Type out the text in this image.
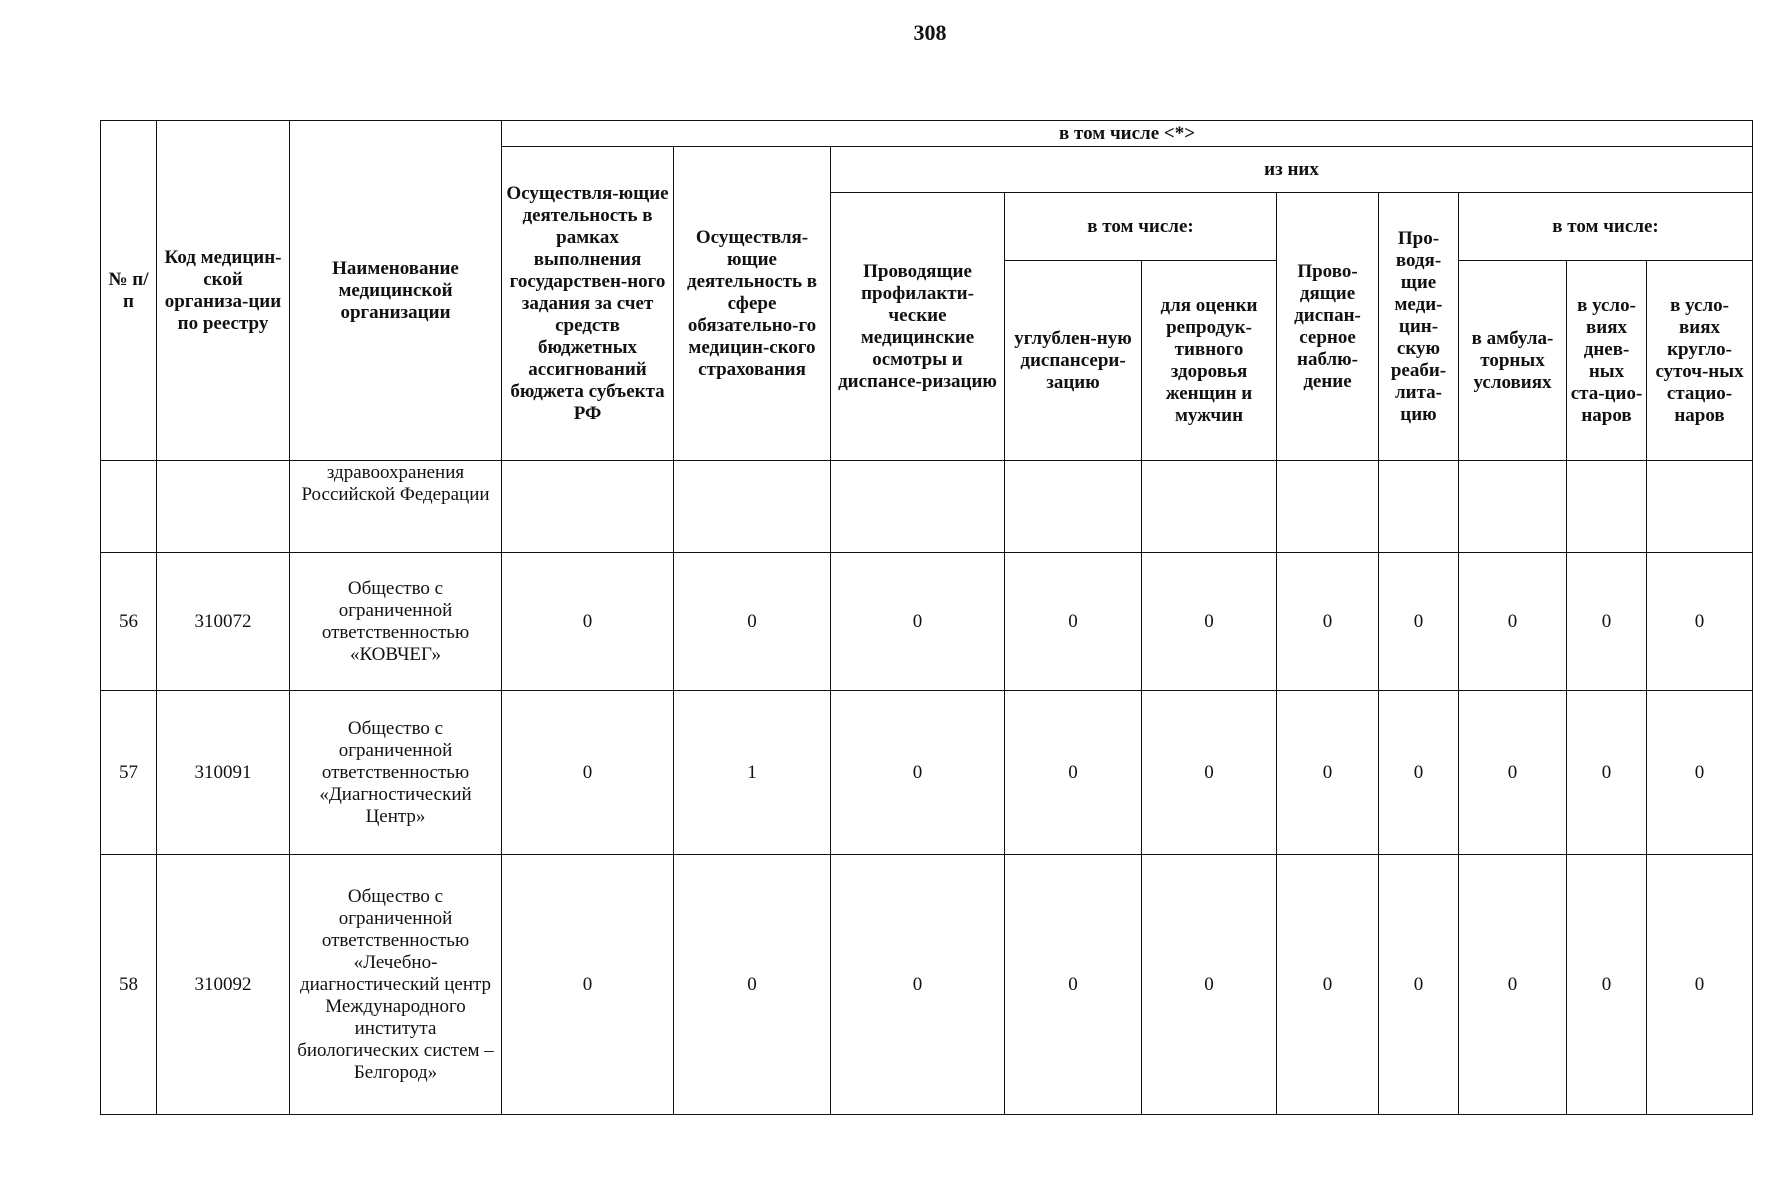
308
№ п/п	Код медицин-ской организа-ции по реестру	Наименование медицинской организации	в том числе <*>									
			Осуществля-ющие деятельность в рамках выполнения государствен-ного задания за счет средств бюджетных ассигнований бюджета субъекта РФ	Осуществля-ющие деятельность в сфере обязательно-го медицин-ского страхования	из них							
					Проводящие профилакти-ческие медицинские осмотры и диспансе-ризацию	в том числе:		Прово-дящие диспан-серное наблю-дение	Про-водя-щие меди-цин-скую реаби-лита-цию	в том числе:		
						углублен-ную диспансери-зацию	для оценки репродук-тивного здоровья женщин и мужчин			в амбула-торных условиях	в усло-виях днев-ных ста-цио-наров	в усло-виях кругло-суточ-ных стацио-наров
		здравоохранения Российской Федерации										
56	310072	Общество с ограниченной ответственностью «КОВЧЕГ»	0	0	0	0	0	0	0	0	0	0
57	310091	Общество с ограниченной ответственностью «Диагностический Центр»	0	1	0	0	0	0	0	0	0	0
58	310092	Общество с ограниченной ответственностью «Лечебно-диагностический центр Международного института биологических систем – Белгород»	0	0	0	0	0	0	0	0	0	0
